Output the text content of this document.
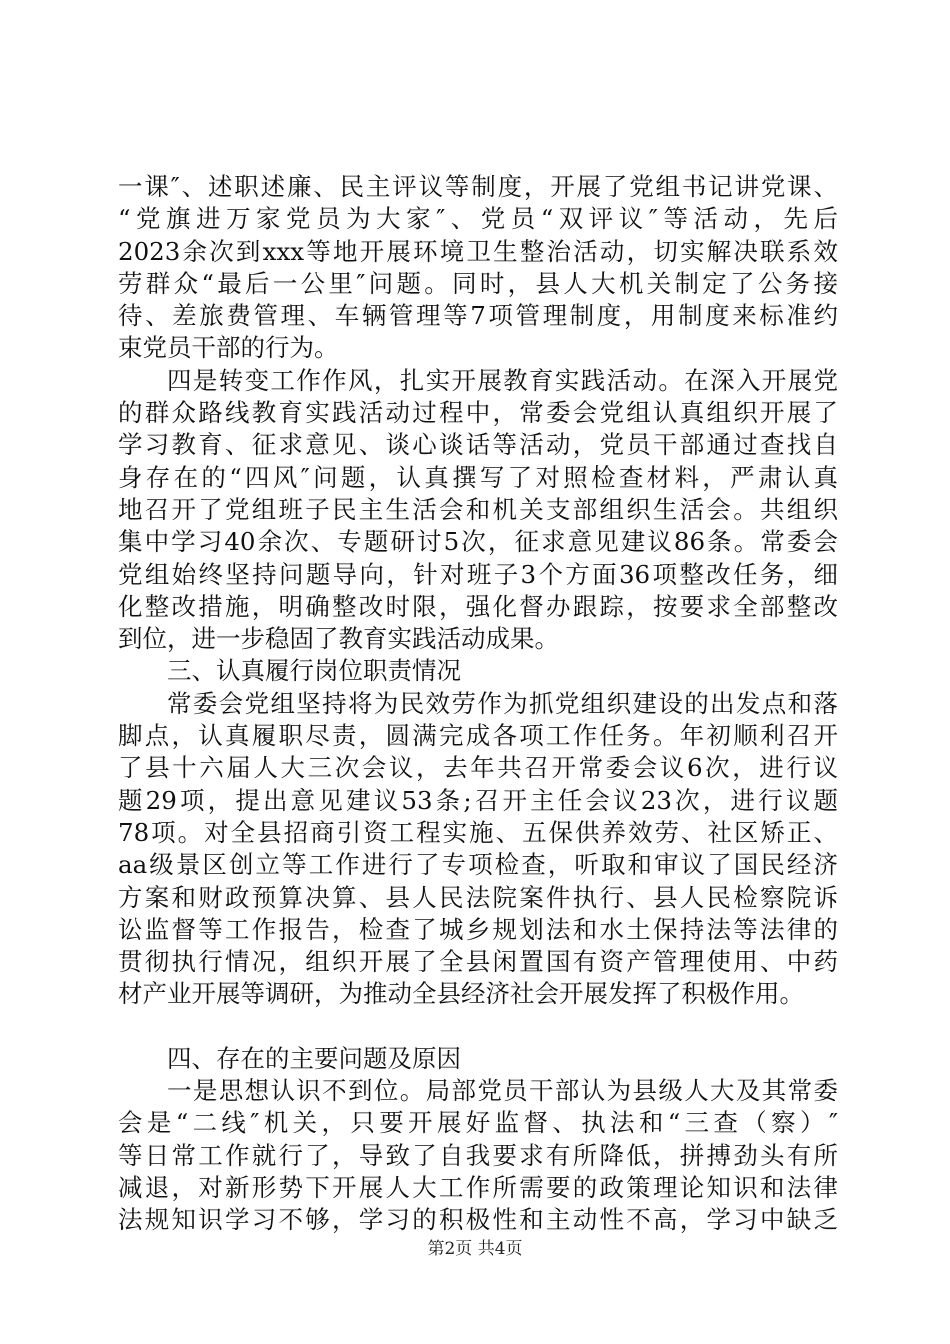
一课″、述职述廉、民主评议等制度，开展了党组书记讲党课、
“党旗进万家党员为大家″、党员“双评议″等活动，先后
2023余次到xxx等地开展环境卫生整治活动，切实解决联系效
劳群众“最后一公里″问题。同时，县人大机关制定了公务接
待、差旅费管理、车辆管理等7项管理制度，用制度来标准约
束党员干部的行为。
四是转变工作作风，扎实开展教育实践活动。在深入开展党
的群众路线教育实践活动过程中，常委会党组认真组织开展了
学习教育、征求意见、谈心谈话等活动，党员干部通过查找自
身存在的“四风″问题，认真撰写了对照检查材料，严肃认真
地召开了党组班子民主生活会和机关支部组织生活会。共组织
集中学习40余次、专题研讨5次，征求意见建议86条。常委会
党组始终坚持问题导向，针对班子3个方面36项整改任务，细
化整改措施，明确整改时限，强化督办跟踪，按要求全部整改
到位，进一步稳固了教育实践活动成果。
三、认真履行岗位职责情况
常委会党组坚持将为民效劳作为抓党组织建设的出发点和落
脚点，认真履职尽责，圆满完成各项工作任务。年初顺利召开
了县十六届人大三次会议，去年共召开常委会议6次，进行议
题29项，提出意见建议53条;召开主任会议23次，进行议题
78项。对全县招商引资工程实施、五保供养效劳、社区矫正、
aa级景区创立等工作进行了专项检查，听取和审议了国民经济
方案和财政预算决算、县人民法院案件执行、县人民检察院诉
讼监督等工作报告，检查了城乡规划法和水土保持法等法律的
贯彻执行情况，组织开展了全县闲置国有资产管理使用、中药
材产业开展等调研，为推动全县经济社会开展发挥了积极作用。
四、存在的主要问题及原因
一是思想认识不到位。局部党员干部认为县级人大及其常委
会是“二线″机关，只要开展好监督、执法和“三查（察）″
等日常工作就行了，导致了自我要求有所降低，拼搏劲头有所
减退，对新形势下开展人大工作所需要的政策理论知识和法律
法规知识学习不够，学习的积极性和主动性不高，学习中缺乏
第2页 共4页
